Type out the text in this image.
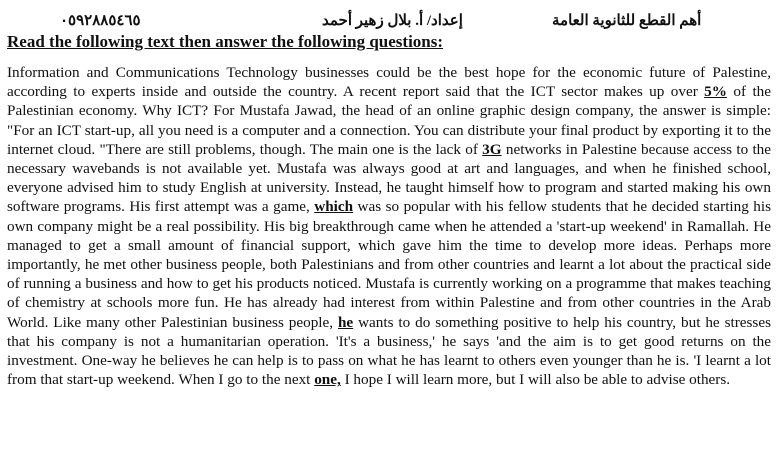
٠٥٩٢٨٨٥٤٦٥	إعداد/ أ. بلال زهير أحمد	أهم القطع للثانوية العامة
Read the following text then answer the following questions:

Information and Communications Technology businesses could be the best hope for the economic future of Palestine, according to experts inside and outside the country. A recent report said that the ICT sector makes up over 5% of the Palestinian economy. Why ICT? For Mustafa Jawad, the head of an online graphic design company, the answer is simple: "For an ICT start-up, all you need is a computer and a connection. You can distribute your final product by exporting it to the internet cloud. "There are still problems, though. The main one is the lack of 3G networks in Palestine because access to the necessary wavebands is not available yet. Mustafa was always good at art and languages, and when he finished school, everyone advised him to study English at university. Instead, he taught himself how to program and started making his own software programs. His first attempt was a game, which was so popular with his fellow students that he decided starting his own company might be a real possibility. His big breakthrough came when he attended a 'start-up weekend' in Ramallah. He managed to get a small amount of financial support, which gave him the time to develop more ideas. Perhaps more importantly, he met other business people, both Palestinians and from other countries and learnt a lot about the practical side of running a business and how to get his products noticed. Mustafa is currently working on a programme that makes teaching of chemistry at schools more fun. He has already had interest from within Palestine and from other countries in the Arab World. Like many other Palestinian business people, he wants to do something positive to help his country, but he stresses that his company is not a humanitarian operation. 'It's a business,' he says 'and the aim is to get good returns on the investment. One-way he believes he can help is to pass on what he has learnt to others even younger than he is. 'I learnt a lot from that start-up weekend. When I go to the next one, I hope I will learn more, but I will also be able to advise others.
